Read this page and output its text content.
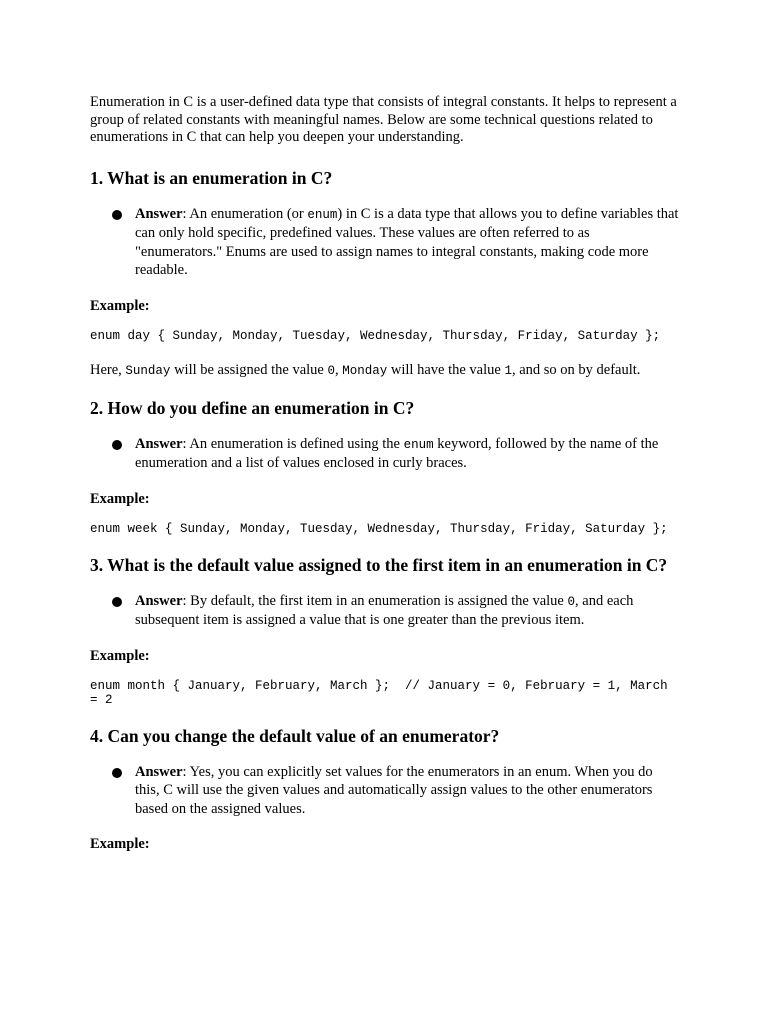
Enumeration in C is a user-defined data type that consists of integral constants. It helps to represent a group of related constants with meaningful names. Below are some technical questions related to enumerations in C that can help you deepen your understanding.

1. What is an enumeration in C?
Answer: An enumeration (or enum) in C is a data type that allows you to define variables that can only hold specific, predefined values. These values are often referred to as "enumerators." Enums are used to assign names to integral constants, making code more readable.
Example:
enum day { Sunday, Monday, Tuesday, Wednesday, Thursday, Friday, Saturday };

Here, Sunday will be assigned the value 0, Monday will have the value 1, and so on by default.

2. How do you define an enumeration in C?
Answer: An enumeration is defined using the enum keyword, followed by the name of the enumeration and a list of values enclosed in curly braces.
Example:
enum week { Sunday, Monday, Tuesday, Wednesday, Thursday, Friday, Saturday };
3. What is the default value assigned to the first item in an enumeration in C?
Answer: By default, the first item in an enumeration is assigned the value 0, and each subsequent item is assigned a value that is one greater than the previous item.
Example:
enum month { January, February, March };  // January = 0, February = 1, March = 2
4. Can you change the default value of an enumerator?
Answer: Yes, you can explicitly set values for the enumerators in an enum. When you do this, C will use the given values and automatically assign values to the other enumerators based on the assigned values.
Example:
